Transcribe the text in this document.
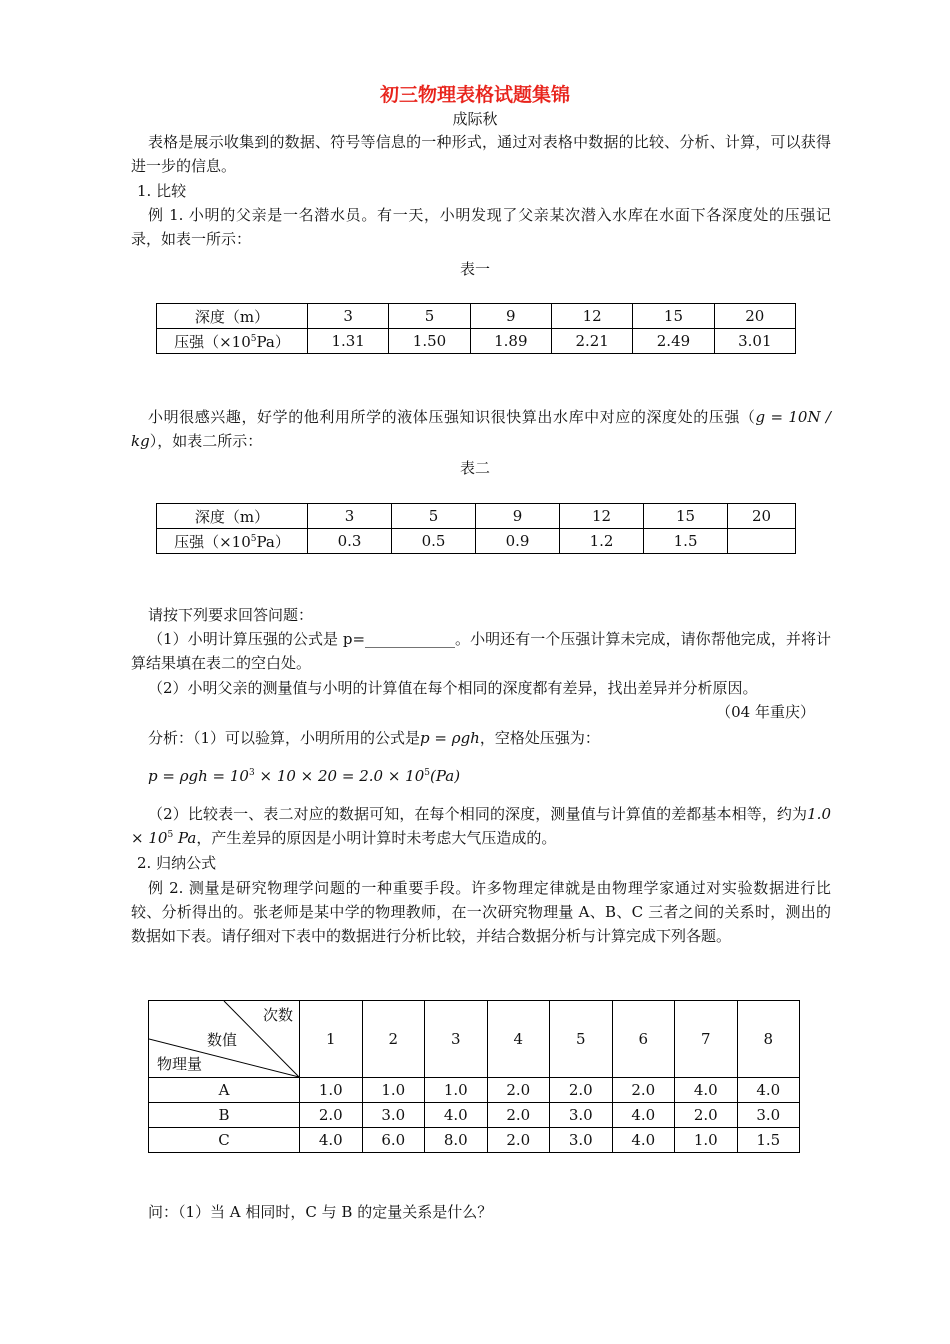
初三物理表格试题集锦
成际秋
表格是展示收集到的数据、符号等信息的一种形式，通过对表格中数据的比较、分析、计算，可以获得进一步的信息。
1. 比较
例 1. 小明的父亲是一名潜水员。有一天，小明发现了父亲某次潜入水库在水面下各深度处的压强记录，如表一所示：
表一
深度（m）	3	5	9	12	15	20
压强$(\times 10^5Pa)$	1.31	1.50	1.89	2.21	2.49	3.01
小明很感兴趣，好学的他利用所学的液体压强知识很快算出水库中对应的深度处的压强（g = 10N / kg），如表二所示：
表二
深度（m）	3	5	9	12	15	20
压强$(\times 10^5Pa)$	0.3	0.5	0.9	1.2	1.5	
请按下列要求回答问题：
（1）小明计算压强的公式是 p=____________。小明还有一个压强计算未完成，请你帮他完成，并将计算结果填在表二的空白处。
（2）小明父亲的测量值与小明的计算值在每个相同的深度都有差异，找出差异并分析原因。
（04 年重庆）
分析：（1）可以验算，小明所用的公式是p = ρgh，空格处压强为：
$p = \rho gh = 10^3 \times 10 \times 20 = 2.0 \times 10^5(Pa)$
（2）比较表一、表二对应的数据可知，在每个相同的深度，测量值与计算值的差都基本相等，约为$1.0 \times 10^5$ Pa，产生差异的原因是小明计算时未考虑大气压造成的。
2. 归纳公式
例 2. 测量是研究物理学问题的一种重要手段。许多物理定律就是由物理学家通过对实验数据进行比较、分析得出的。张老师是某中学的物理教师，在一次研究物理量 A、B、C 三者之间的关系时，测出的数据如下表。请仔细对下表中的数据进行分析比较，并结合数据分析与计算完成下列各题。
次数
数值
物理量	1	2	3	4	5	6	7	8
A	1.0	1.0	1.0	2.0	2.0	2.0	4.0	4.0
B	2.0	3.0	4.0	2.0	3.0	4.0	2.0	3.0
C	4.0	6.0	8.0	2.0	3.0	4.0	1.0	1.5
问：（1）当 A 相同时，C 与 B 的定量关系是什么？
